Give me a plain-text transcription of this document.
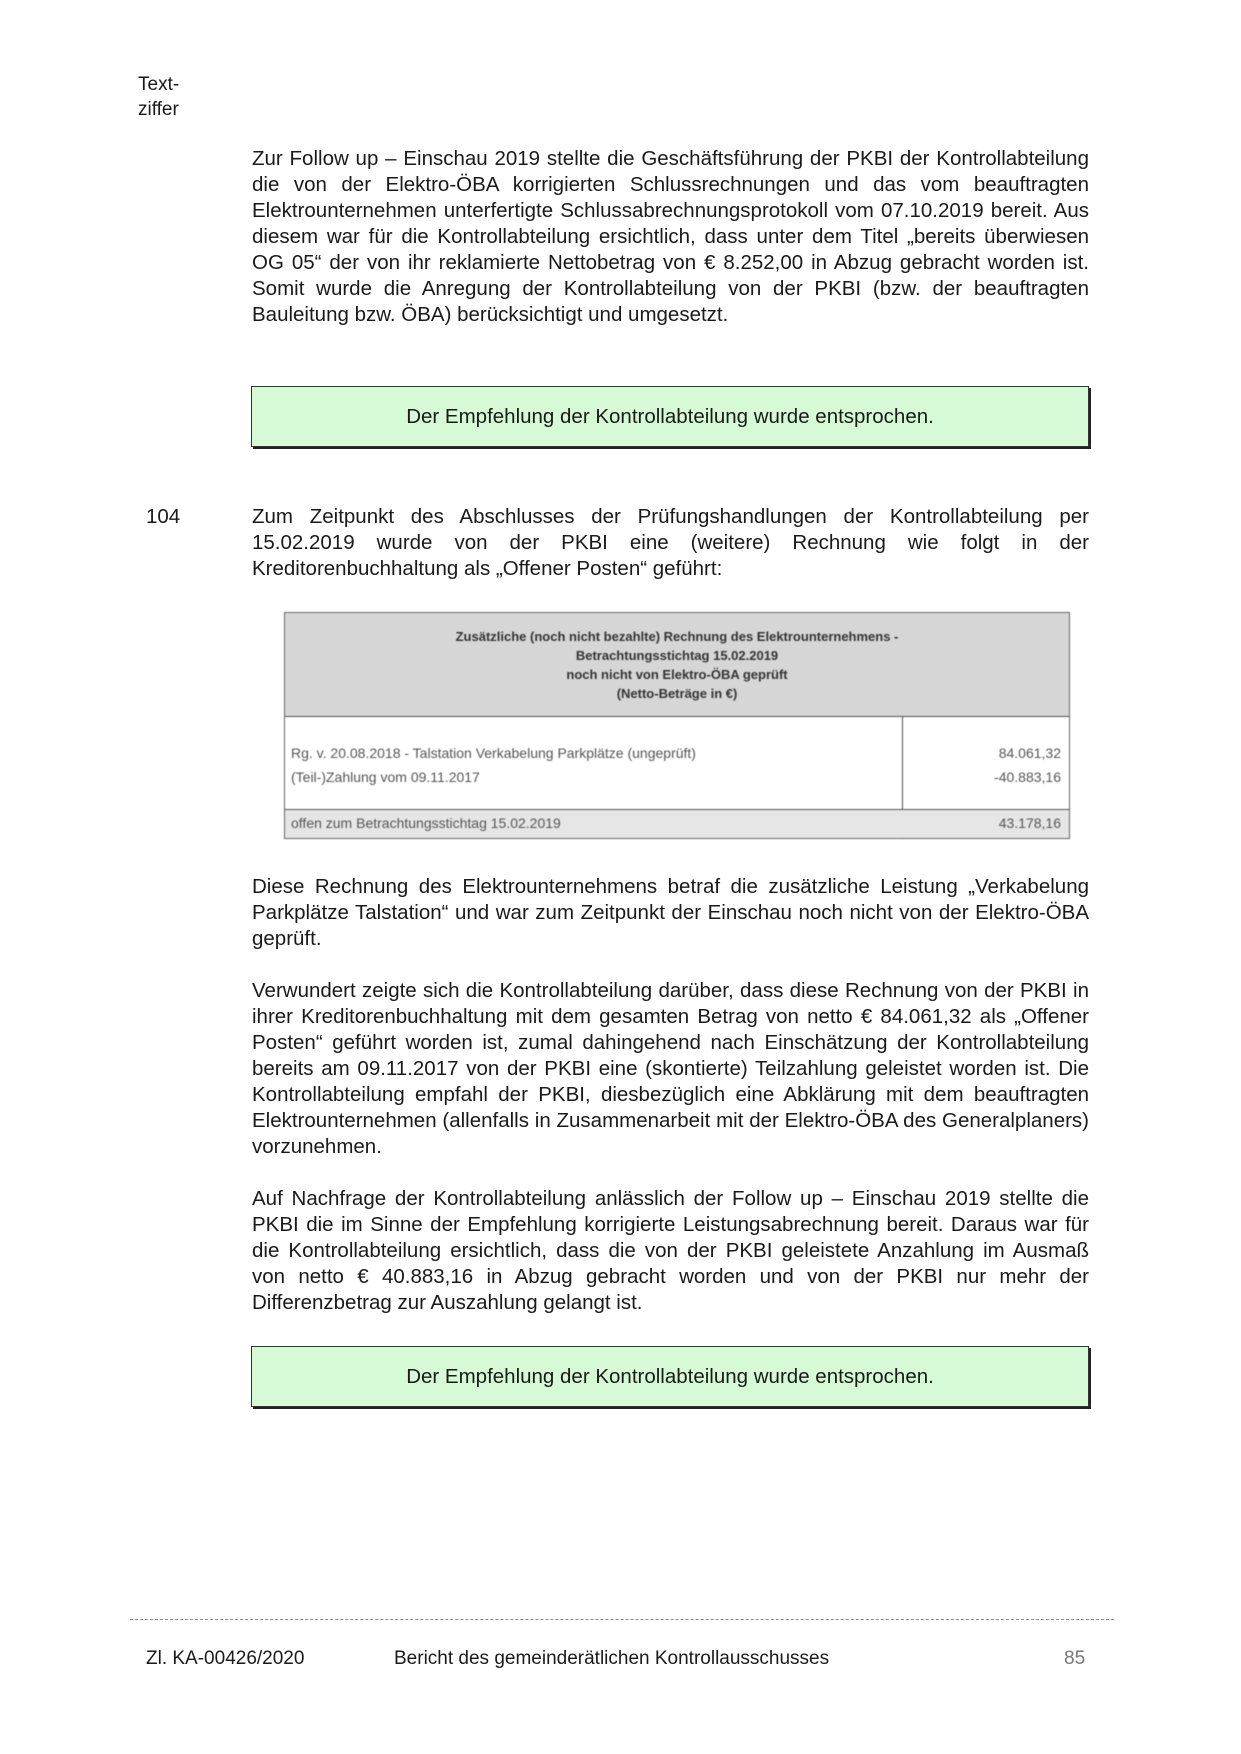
Text-
ziffer

Zur Follow up – Einschau 2019 stellte die Geschäftsführung der PKBI der Kontrollabteilung die von der Elektro-ÖBA korrigierten Schlussrechnungen und das vom beauftragten Elektrounternehmen unterfertigte Schlussabrechnungsprotokoll vom 07.10.2019 bereit. Aus diesem war für die Kontrollabteilung ersichtlich, dass unter dem Titel „bereits überwiesen OG 05“ der von ihr reklamierte Nettobetrag von € 8.252,00 in Abzug gebracht worden ist. Somit wurde die Anregung der Kontrollabteilung von der PKBI (bzw. der beauftragten Bauleitung bzw. ÖBA) berücksichtigt und umgesetzt.

Der Empfehlung der Kontrollabteilung wurde entsprochen.
104	Zum Zeitpunkt des Abschlusses der Prüfungshandlungen der Kontrollabteilung per 15.02.2019 wurde von der PKBI eine (weitere) Rechnung wie folgt in der Kreditorenbuchhaltung als „Offener Posten“ geführt:

Zusätzliche (noch nicht bezahlte) Rechnung des Elektrounternehmens -
Betrachtungsstichtag 15.02.2019
noch nicht von Elektro-ÖBA geprüft
(Netto-Beträge in €)
Rg. v. 20.08.2018 - Talstation Verkabelung Parkplätze (ungeprüft)	84.061,32
(Teil-)Zahlung vom 09.11.2017	-40.883,16
offen zum Betrachtungsstichtag 15.02.2019	43.178,16

Diese Rechnung des Elektrounternehmens betraf die zusätzliche Leistung „Verkabelung Parkplätze Talstation“ und war zum Zeitpunkt der Einschau noch nicht von der Elektro-ÖBA geprüft.

Verwundert zeigte sich die Kontrollabteilung darüber, dass diese Rechnung von der PKBI in ihrer Kreditorenbuchhaltung mit dem gesamten Betrag von netto € 84.061,32 als „Offener Posten“ geführt worden ist, zumal dahingehend nach Einschätzung der Kontrollabteilung bereits am 09.11.2017 von der PKBI eine (skontierte) Teilzahlung geleistet worden ist. Die Kontrollabteilung empfahl der PKBI, diesbezüglich eine Abklärung mit dem beauftragten Elektrounternehmen (allenfalls in Zusammenarbeit mit der Elektro-ÖBA des Generalplaners) vorzunehmen.

Auf Nachfrage der Kontrollabteilung anlässlich der Follow up – Einschau 2019 stellte die PKBI die im Sinne der Empfehlung korrigierte Leistungsabrechnung bereit. Daraus war für die Kontrollabteilung ersichtlich, dass die von der PKBI geleistete Anzahlung im Ausmaß von netto € 40.883,16 in Abzug gebracht worden und von der PKBI nur mehr der Differenzbetrag zur Auszahlung gelangt ist.

Der Empfehlung der Kontrollabteilung wurde entsprochen.
Zl. KA-00426/2020	Bericht des gemeinderätlichen Kontrollausschusses	85
